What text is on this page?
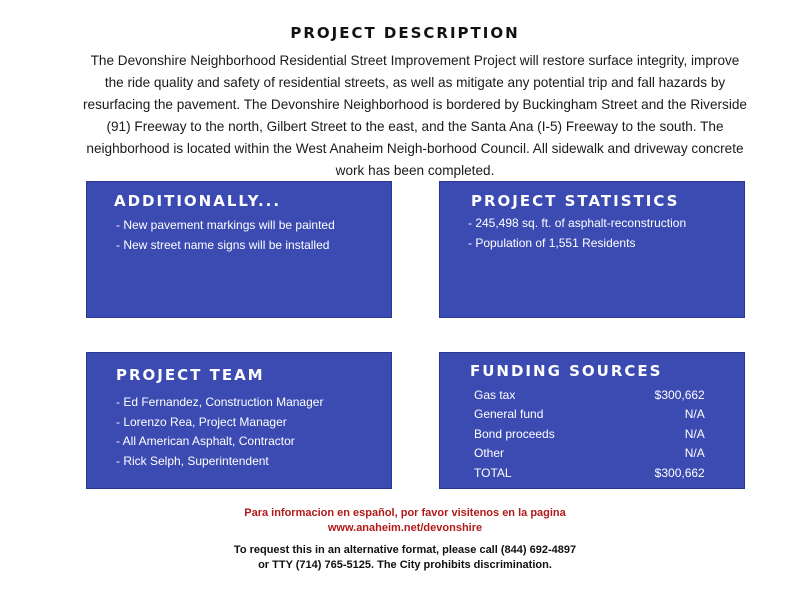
PROJECT DESCRIPTION
The Devonshire Neighborhood Residential Street Improvement Project will restore surface integrity, improve the ride quality and safety of residential streets, as well as mitigate any potential trip and fall hazards by resurfacing the pavement. The Devonshire Neighborhood is bordered by Buckingham Street and the Riverside (91) Freeway to the north, Gilbert Street to the east, and the Santa Ana (I-5) Freeway to the south. The neighborhood is located within the West Anaheim Neigh-borhood Council. All sidewalk and driveway concrete work has been completed.
ADDITIONALLY...
- New pavement markings will be painted
- New street name signs will be installed
PROJECT STATISTICS
- 245,498 sq. ft. of asphalt-reconstruction
- Population of 1,551 Residents
PROJECT TEAM
- Ed Fernandez, Construction Manager
- Lorenzo Rea, Project Manager
- All American Asphalt, Contractor
- Rick Selph, Superintendent
FUNDING SOURCES
Gas tax	$300,662
General fund	N/A
Bond proceeds	N/A
Other	N/A
TOTAL	$300,662
Para informacion en español, por favor visitenos en la pagina
www.anaheim.net/devonshire
To request this in an alternative format, please call (844) 692-4897
or TTY (714) 765-5125. The City prohibits discrimination.
